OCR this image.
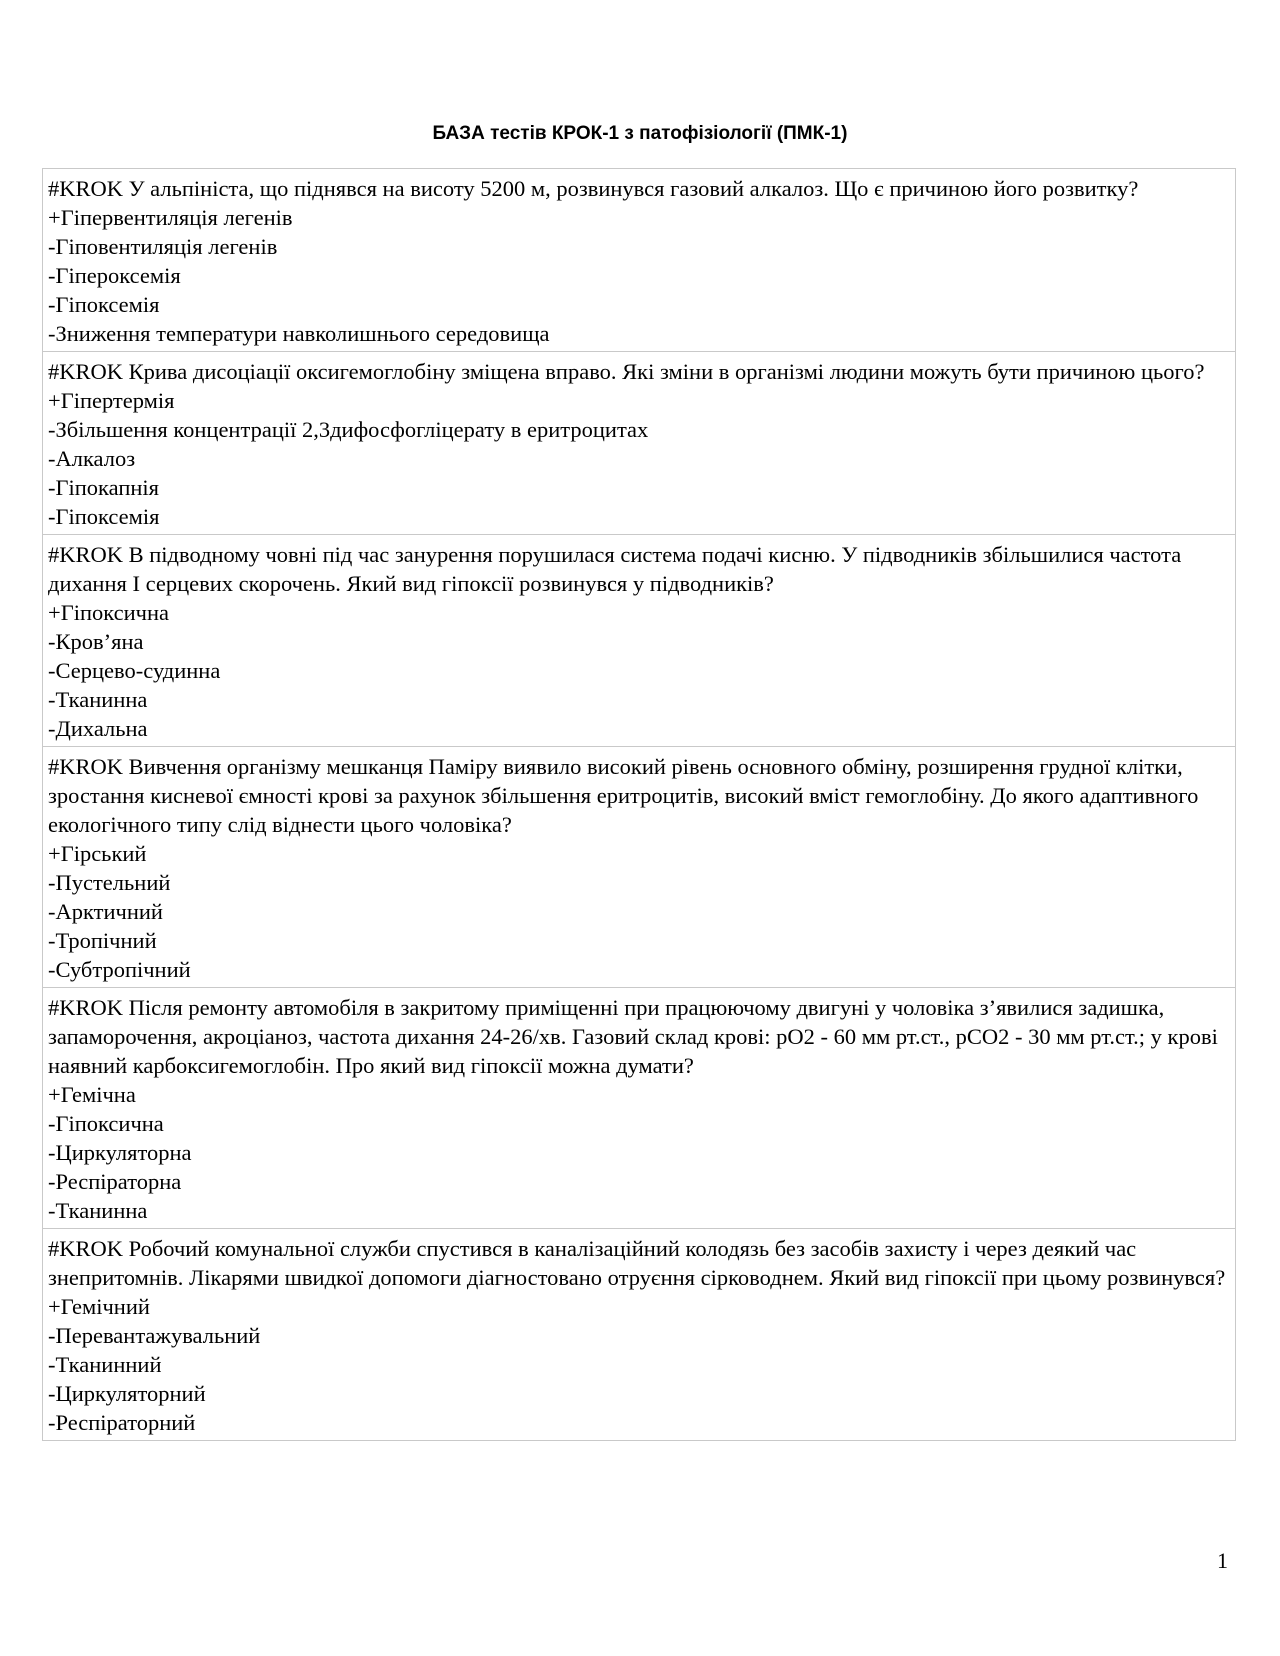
БАЗА тестів КРОК-1 з патофізіології (ПМК-1)
#KROK У альпініста, що піднявся на висоту 5200 м, розвинувся газовий алкалоз. Що є причиною його розвитку?
+Гіпервентиляція легенів
-Гіповентиляція легенів
-Гіпероксемія
-Гіпоксемія
-Зниження температури навколишнього середовища

#KROK Крива дисоціації оксигемоглобіну зміщена вправо. Які зміни в організмі людини можуть бути причиною цього?
+Гіпертермія
-Збільшення концентрації 2,3дифосфогліцерату в еритроцитах
-Алкалоз
-Гіпокапнія
-Гіпоксемія

#KROK В підводному човні під час занурення порушилася система подачі кисню. У підводників збільшилися частота дихання І серцевих скорочень. Який вид гіпоксії розвинувся у підводників?
+Гіпоксична
-Кров’яна
-Серцево-судинна
-Тканинна
-Дихальна

#KROK Вивчення організму мешканця Паміру виявило високий рівень основного обміну, розширення грудної клітки, зростання кисневої ємності крові за рахунок збільшення еритроцитів, високий вміст гемоглобіну. До якого адаптивного екологічного типу слід віднести цього чоловіка?
+Гірський
-Пустельний
-Арктичний
-Тропічний
-Субтропічний

#KROK Після ремонту автомобіля в закритому приміщенні при працюючому двигуні у чоловіка з’явилися задишка, запаморочення, акроціаноз, частота дихання 24-26/хв. Газовий склад крові: pO2 - 60 мм рт.ст., pCO2 - 30 мм рт.ст.; у крові наявний карбоксигемоглобін. Про який вид гіпоксії можна думати?
+Гемічна
-Гіпоксична
-Циркуляторна
-Респіраторна
-Тканинна

#KROK Робочий комунальної служби спустився в каналізаційний колодязь без засобів захисту і через деякий час знепритомнів. Лікарями швидкої допомоги діагностовано отруєння сірководнем. Який вид гіпоксії при цьому розвинувся?
+Гемічний
-Перевантажувальний
-Тканинний
-Циркуляторний
-Респіраторний
1
